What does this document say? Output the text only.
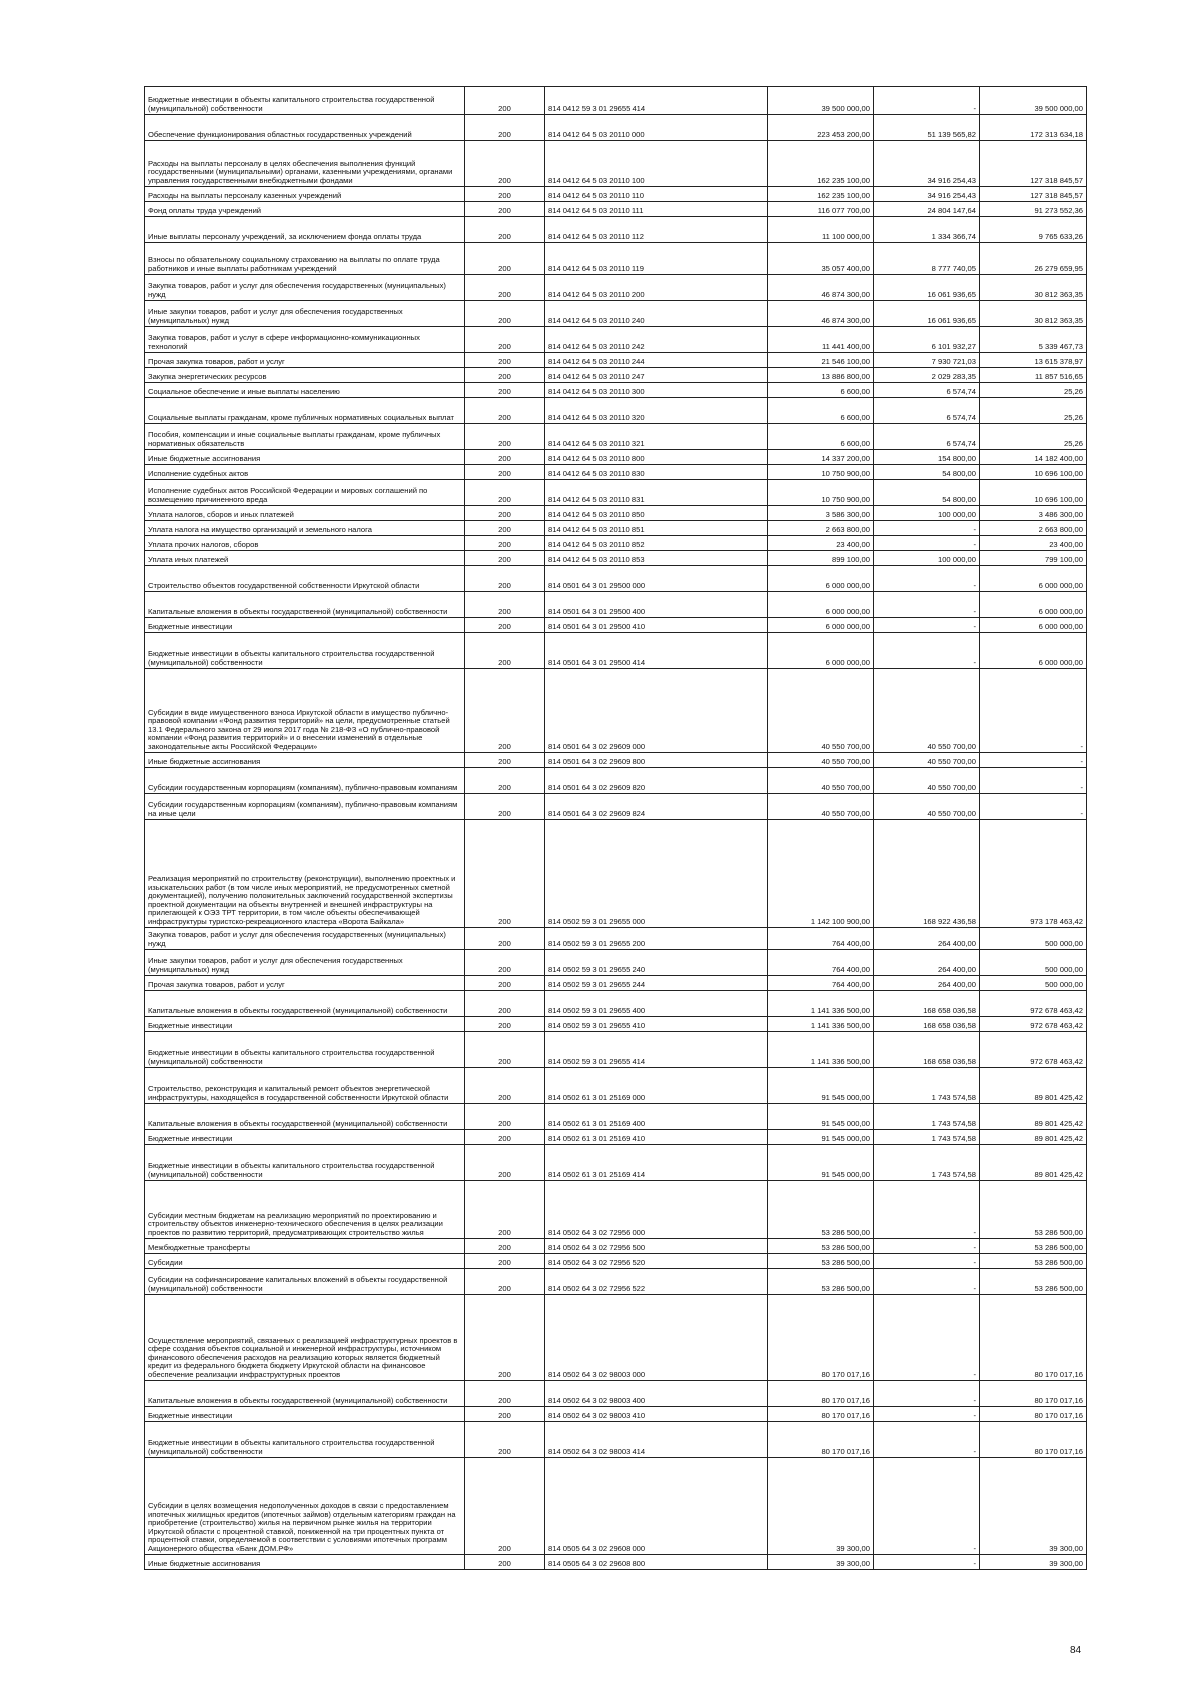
Бюджетные инвестиции в объекты капитального строительства государственной (муниципальной) собственности	200	814 0412 59 3 01 29655 414	39 500 000,00	-	39 500 000,00
Обеспечение функционирования областных государственных учреждений	200	814 0412 64 5 03 20110 000	223 453 200,00	51 139 565,82	172 313 634,18
Расходы на выплаты персоналу в целях обеспечения выполнения функций государственными (муниципальными) органами, казенными учреждениями, органами управления государственными внебюджетными фондами	200	814 0412 64 5 03 20110 100	162 235 100,00	34 916 254,43	127 318 845,57
Расходы на выплаты персоналу казенных учреждений	200	814 0412 64 5 03 20110 110	162 235 100,00	34 916 254,43	127 318 845,57
Фонд оплаты труда учреждений	200	814 0412 64 5 03 20110 111	116 077 700,00	24 804 147,64	91 273 552,36
Иные выплаты персоналу учреждений, за исключением фонда оплаты труда	200	814 0412 64 5 03 20110 112	11 100 000,00	1 334 366,74	9 765 633,26
Взносы по обязательному социальному страхованию на выплаты по оплате труда работников и иные выплаты работникам учреждений	200	814 0412 64 5 03 20110 119	35 057 400,00	8 777 740,05	26 279 659,95
Закупка товаров, работ и услуг для обеспечения государственных (муниципальных) нужд	200	814 0412 64 5 03 20110 200	46 874 300,00	16 061 936,65	30 812 363,35
Иные закупки товаров, работ и услуг для обеспечения государственных (муниципальных) нужд	200	814 0412 64 5 03 20110 240	46 874 300,00	16 061 936,65	30 812 363,35
Закупка товаров, работ и услуг в сфере информационно-коммуникационных технологий	200	814 0412 64 5 03 20110 242	11 441 400,00	6 101 932,27	5 339 467,73
Прочая закупка товаров, работ и услуг	200	814 0412 64 5 03 20110 244	21 546 100,00	7 930 721,03	13 615 378,97
Закупка энергетических ресурсов	200	814 0412 64 5 03 20110 247	13 886 800,00	2 029 283,35	11 857 516,65
Социальное обеспечение и иные выплаты населению	200	814 0412 64 5 03 20110 300	6 600,00	6 574,74	25,26
Социальные выплаты гражданам, кроме публичных нормативных социальных выплат	200	814 0412 64 5 03 20110 320	6 600,00	6 574,74	25,26
Пособия, компенсации и иные социальные выплаты гражданам, кроме публичных нормативных обязательств	200	814 0412 64 5 03 20110 321	6 600,00	6 574,74	25,26
Иные бюджетные ассигнования	200	814 0412 64 5 03 20110 800	14 337 200,00	154 800,00	14 182 400,00
Исполнение судебных актов	200	814 0412 64 5 03 20110 830	10 750 900,00	54 800,00	10 696 100,00
Исполнение судебных актов Российской Федерации и мировых соглашений по возмещению причиненного вреда	200	814 0412 64 5 03 20110 831	10 750 900,00	54 800,00	10 696 100,00
Уплата налогов, сборов и иных платежей	200	814 0412 64 5 03 20110 850	3 586 300,00	100 000,00	3 486 300,00
Уплата налога на имущество организаций и земельного налога	200	814 0412 64 5 03 20110 851	2 663 800,00	-	2 663 800,00
Уплата прочих налогов, сборов	200	814 0412 64 5 03 20110 852	23 400,00	-	23 400,00
Уплата иных платежей	200	814 0412 64 5 03 20110 853	899 100,00	100 000,00	799 100,00
Строительство объектов государственной собственности Иркутской области	200	814 0501 64 3 01 29500 000	6 000 000,00	-	6 000 000,00
Капитальные вложения в объекты государственной (муниципальной) собственности	200	814 0501 64 3 01 29500 400	6 000 000,00	-	6 000 000,00
Бюджетные инвестиции	200	814 0501 64 3 01 29500 410	6 000 000,00	-	6 000 000,00
Бюджетные инвестиции в объекты капитального строительства государственной (муниципальной) собственности	200	814 0501 64 3 01 29500 414	6 000 000,00	-	6 000 000,00
Субсидии в виде имущественного взноса Иркутской области в имущество публично-правовой компании «Фонд развития территорий» на цели, предусмотренные статьей 13.1 Федерального закона от 29 июля 2017 года № 218-ФЗ «О публично-правовой компании «Фонд развития территорий» и о внесении изменений в отдельные законодательные акты Российской Федерации»	200	814 0501 64 3 02 29609 000	40 550 700,00	40 550 700,00	-
Иные бюджетные ассигнования	200	814 0501 64 3 02 29609 800	40 550 700,00	40 550 700,00	-
Субсидии государственным корпорациям (компаниям), публично-правовым компаниям	200	814 0501 64 3 02 29609 820	40 550 700,00	40 550 700,00	-
Субсидии государственным корпорациям (компаниям), публично-правовым компаниям на иные цели	200	814 0501 64 3 02 29609 824	40 550 700,00	40 550 700,00	-
Реализация мероприятий по строительству (реконструкции), выполнению проектных и изыскательских работ (в том числе иных мероприятий, не предусмотренных сметной документацией), получению положительных заключений государственной экспертизы проектной документации на объекты внутренней и внешней инфраструктуры на прилегающей к ОЭЗ ТРТ территории, в том числе объекты обеспечивающей инфраструктуры туристско-рекреационного кластера «Ворота Байкала»	200	814 0502 59 3 01 29655 000	1 142 100 900,00	168 922 436,58	973 178 463,42
Закупка товаров, работ и услуг для обеспечения государственных (муниципальных) нужд	200	814 0502 59 3 01 29655 200	764 400,00	264 400,00	500 000,00
Иные закупки товаров, работ и услуг для обеспечения государственных (муниципальных) нужд	200	814 0502 59 3 01 29655 240	764 400,00	264 400,00	500 000,00
Прочая закупка товаров, работ и услуг	200	814 0502 59 3 01 29655 244	764 400,00	264 400,00	500 000,00
Капитальные вложения в объекты государственной (муниципальной) собственности	200	814 0502 59 3 01 29655 400	1 141 336 500,00	168 658 036,58	972 678 463,42
Бюджетные инвестиции	200	814 0502 59 3 01 29655 410	1 141 336 500,00	168 658 036,58	972 678 463,42
Бюджетные инвестиции в объекты капитального строительства государственной (муниципальной) собственности	200	814 0502 59 3 01 29655 414	1 141 336 500,00	168 658 036,58	972 678 463,42
Строительство, реконструкция и капитальный ремонт объектов энергетической инфраструктуры, находящейся в государственной собственности Иркутской области	200	814 0502 61 3 01 25169 000	91 545 000,00	1 743 574,58	89 801 425,42
Капитальные вложения в объекты государственной (муниципальной) собственности	200	814 0502 61 3 01 25169 400	91 545 000,00	1 743 574,58	89 801 425,42
Бюджетные инвестиции	200	814 0502 61 3 01 25169 410	91 545 000,00	1 743 574,58	89 801 425,42
Бюджетные инвестиции в объекты капитального строительства государственной (муниципальной) собственности	200	814 0502 61 3 01 25169 414	91 545 000,00	1 743 574,58	89 801 425,42
Субсидии местным бюджетам на реализацию мероприятий по проектированию и строительству объектов инженерно-технического обеспечения в целях реализации проектов по развитию территорий, предусматривающих строительство жилья	200	814 0502 64 3 02 72956 000	53 286 500,00	-	53 286 500,00
Межбюджетные трансферты	200	814 0502 64 3 02 72956 500	53 286 500,00	-	53 286 500,00
Субсидии	200	814 0502 64 3 02 72956 520	53 286 500,00	-	53 286 500,00
Субсидии на софинансирование капитальных вложений в объекты государственной (муниципальной) собственности	200	814 0502 64 3 02 72956 522	53 286 500,00	-	53 286 500,00
Осуществление мероприятий, связанных с реализацией инфраструктурных проектов в сфере создания объектов социальной и инженерной инфраструктуры, источником финансового обеспечения расходов на реализацию которых является бюджетный кредит из федерального бюджета бюджету Иркутской области на финансовое обеспечение реализации инфраструктурных проектов	200	814 0502 64 3 02 98003 000	80 170 017,16	-	80 170 017,16
Капитальные вложения в объекты государственной (муниципальной) собственности	200	814 0502 64 3 02 98003 400	80 170 017,16	-	80 170 017,16
Бюджетные инвестиции	200	814 0502 64 3 02 98003 410	80 170 017,16	-	80 170 017,16
Бюджетные инвестиции в объекты капитального строительства государственной (муниципальной) собственности	200	814 0502 64 3 02 98003 414	80 170 017,16	-	80 170 017,16
Субсидии в целях возмещения недополученных доходов в связи с предоставлением ипотечных жилищных кредитов (ипотечных займов) отдельным категориям граждан на приобретение (строительство) жилья на первичном рынке жилья на территории Иркутской области с процентной ставкой, пониженной на три процентных пункта от процентной ставки, определяемой в соответствии с условиями ипотечных программ Акционерного общества «Банк ДОМ.РФ»	200	814 0505 64 3 02 29608 000	39 300,00	-	39 300,00
Иные бюджетные ассигнования	200	814 0505 64 3 02 29608 800	39 300,00	-	39 300,00
84
